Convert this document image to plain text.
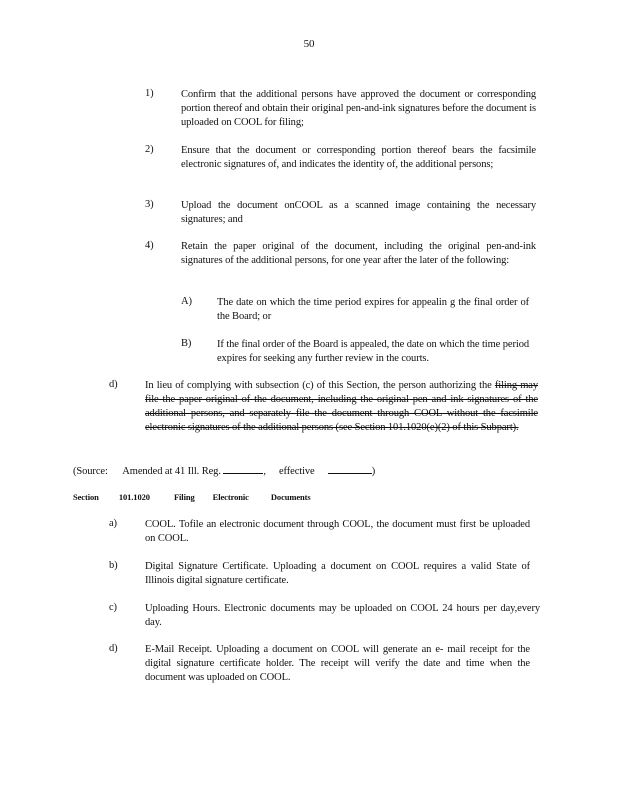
50
1)	Confirm that the additional persons have approved the document or corresponding portion thereof and obtain their original pen-and-ink signatures before the document is uploaded on COOL for filing;
2)	Ensure that the document or corresponding portion thereof bears the facsimile electronic signatures of, and indicates the identity of, the additional persons;
3)	Upload the document onCOOL as a scanned image containing the necessary signatures; and
4)	Retain the paper original of the document, including the original pen-and-ink signatures of the additional persons, for one year after the later of the following:
A) The date on which the time period expires for appealin g the final order of the Board; or
B) If the final order of the Board is appealed, the date on which the time period expires for seeking any further review in the courts.
d)	In lieu of complying with subsection (c) of this Section, the person authorizing the filing may file the paper original of the document, including the original pen and ink signatures of the additional persons, and separately file the document through COOL without the facsimile electronic signatures of the additional persons (see Section 101.1020(e)(2) of this Subpart).
(Source: Amended at 41 Ill. Reg.	, effective	)
Section 101.1020	Filing Electronic	Documents
a)	COOL. Tofile an electronic document through COOL, the document must first be uploaded on COOL.
b)	Digital Signature Certificate. Uploading a document on COOL requires a valid State of Illinois digital signature certificate.
c)	Uploading Hours. Electronic documents may be uploaded on COOL 24 hours per day,every day.
d)	E-Mail Receipt. Uploading a document on COOL will generate an e- mail receipt for the digital signature certificate holder. The receipt will verify the date and time when the document was uploaded on COOL.
